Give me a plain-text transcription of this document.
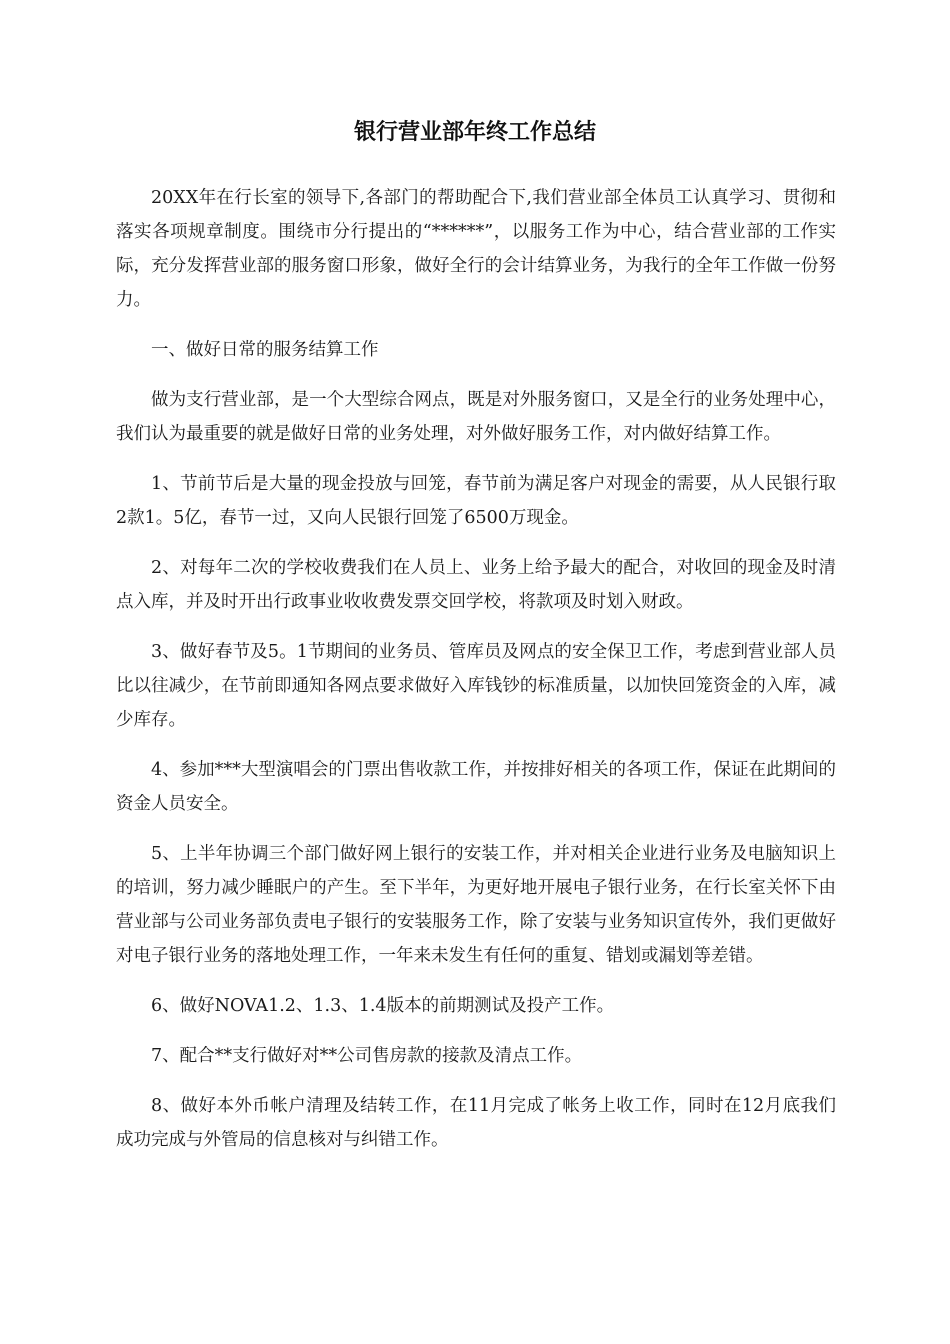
银行营业部年终工作总结

20XX年在行长室的领导下,各部门的帮助配合下,我们营业部全体员工认真学习、贯彻和落实各项规章制度。围绕市分行提出的“******”，以服务工作为中心，结合营业部的工作实际，充分发挥营业部的服务窗口形象，做好全行的会计结算业务，为我行的全年工作做一份努力。

一、做好日常的服务结算工作

做为支行营业部，是一个大型综合网点，既是对外服务窗口，又是全行的业务处理中心，我们认为最重要的就是做好日常的业务处理，对外做好服务工作，对内做好结算工作。

1、节前节后是大量的现金投放与回笼，春节前为满足客户对现金的需要，从人民银行取2款1。5亿，春节一过，又向人民银行回笼了6500万现金。

2、对每年二次的学校收费我们在人员上、业务上给予最大的配合，对收回的现金及时清点入库，并及时开出行政事业收收费发票交回学校，将款项及时划入财政。

3、做好春节及5。1节期间的业务员、管库员及网点的安全保卫工作，考虑到营业部人员比以往减少，在节前即通知各网点要求做好入库钱钞的标准质量，以加快回笼资金的入库，减少库存。

4、参加***大型演唱会的门票出售收款工作，并按排好相关的各项工作，保证在此期间的资金人员安全。

5、上半年协调三个部门做好网上银行的安装工作，并对相关企业进行业务及电脑知识上的培训，努力减少睡眠户的产生。至下半年，为更好地开展电子银行业务，在行长室关怀下由营业部与公司业务部负责电子银行的安装服务工作，除了安装与业务知识宣传外，我们更做好对电子银行业务的落地处理工作，一年来未发生有任何的重复、错划或漏划等差错。

6、做好NOVA1.2、1.3、1.4版本的前期测试及投产工作。

7、配合**支行做好对**公司售房款的接款及清点工作。

8、做好本外币帐户清理及结转工作，在11月完成了帐务上收工作，同时在12月底我们成功完成与外管局的信息核对与纠错工作。
